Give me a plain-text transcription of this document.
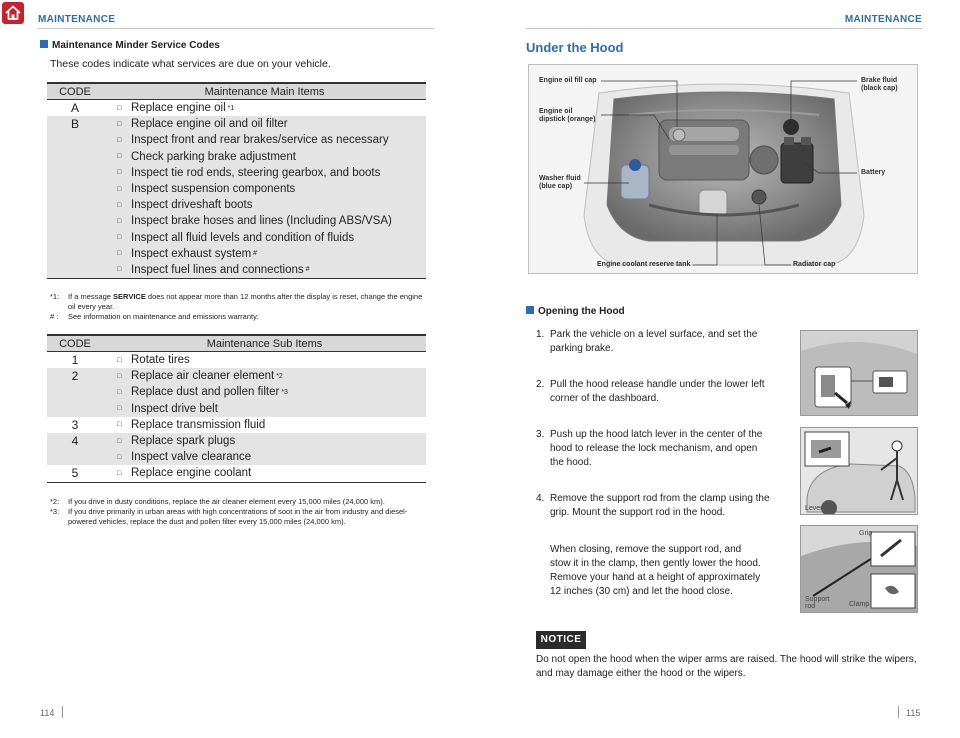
MAINTENANCE	MAINTENANCE
Maintenance Minder Service Codes
These codes indicate what services are due on your vehicle.
CODE	Maintenance Main Items
A	□ Replace engine oil *1
B	□ Replace engine oil and oil filter
□ Inspect front and rear brakes/service as necessary
□ Check parking brake adjustment
□ Inspect tie rod ends, steering gearbox, and boots
□ Inspect suspension components
□ Inspect driveshaft boots
□ Inspect brake hoses and lines (Including ABS/VSA)
□ Inspect all fluid levels and condition of fluids
□ Inspect exhaust system #
□ Inspect fuel lines and connections #
*1:	If a message SERVICE does not appear more than 12 months after the display is reset, change the engine oil every year.
# :	See information on maintenance and emissions warranty.
CODE	Maintenance Sub Items
1	□ Rotate tires
2	□ Replace air cleaner element *2
□ Replace dust and pollen filter *3
□ Inspect drive belt
3	□ Replace transmission fluid
4	□ Replace spark plugs
□ Inspect valve clearance
5	□ Replace engine coolant
*2:	If you drive in dusty conditions, replace the air cleaner element every 15,000 miles (24,000 km).
*3:	If you drive primarily in urban areas with high concentrations of soot in the air from industry and diesel-powered vehicles, replace the dust and pollen filter every 15,000 miles (24,000 km).
114
Under the Hood
Engine oil fill cap
Engine oil
dipstick (orange)
Washer fluid
(blue cap)
Brake fluid
(black cap)
Battery
Engine coolant reserve tank	Radiator cap
Opening the Hood
1. Park the vehicle on a level surface, and set the
parking brake.
2. Pull the hood release handle under the lower left
corner of the dashboard.
3. Push up the hood latch lever in the center of the
hood to release the lock mechanism, and open
the hood.
4. Remove the support rod from the clamp using the
grip. Mount the support rod in the hood.
When closing, remove the support rod, and
stow it in the clamp, then gently lower the hood.
Remove your hand at a height of approximately
12 inches (30 cm) and let the hood close.
Lever
Grip
Support
rod	Clamp
NOTICE
Do not open the hood when the wiper arms are raised. The hood will strike the wipers, and may damage either the hood or the wipers.
115
